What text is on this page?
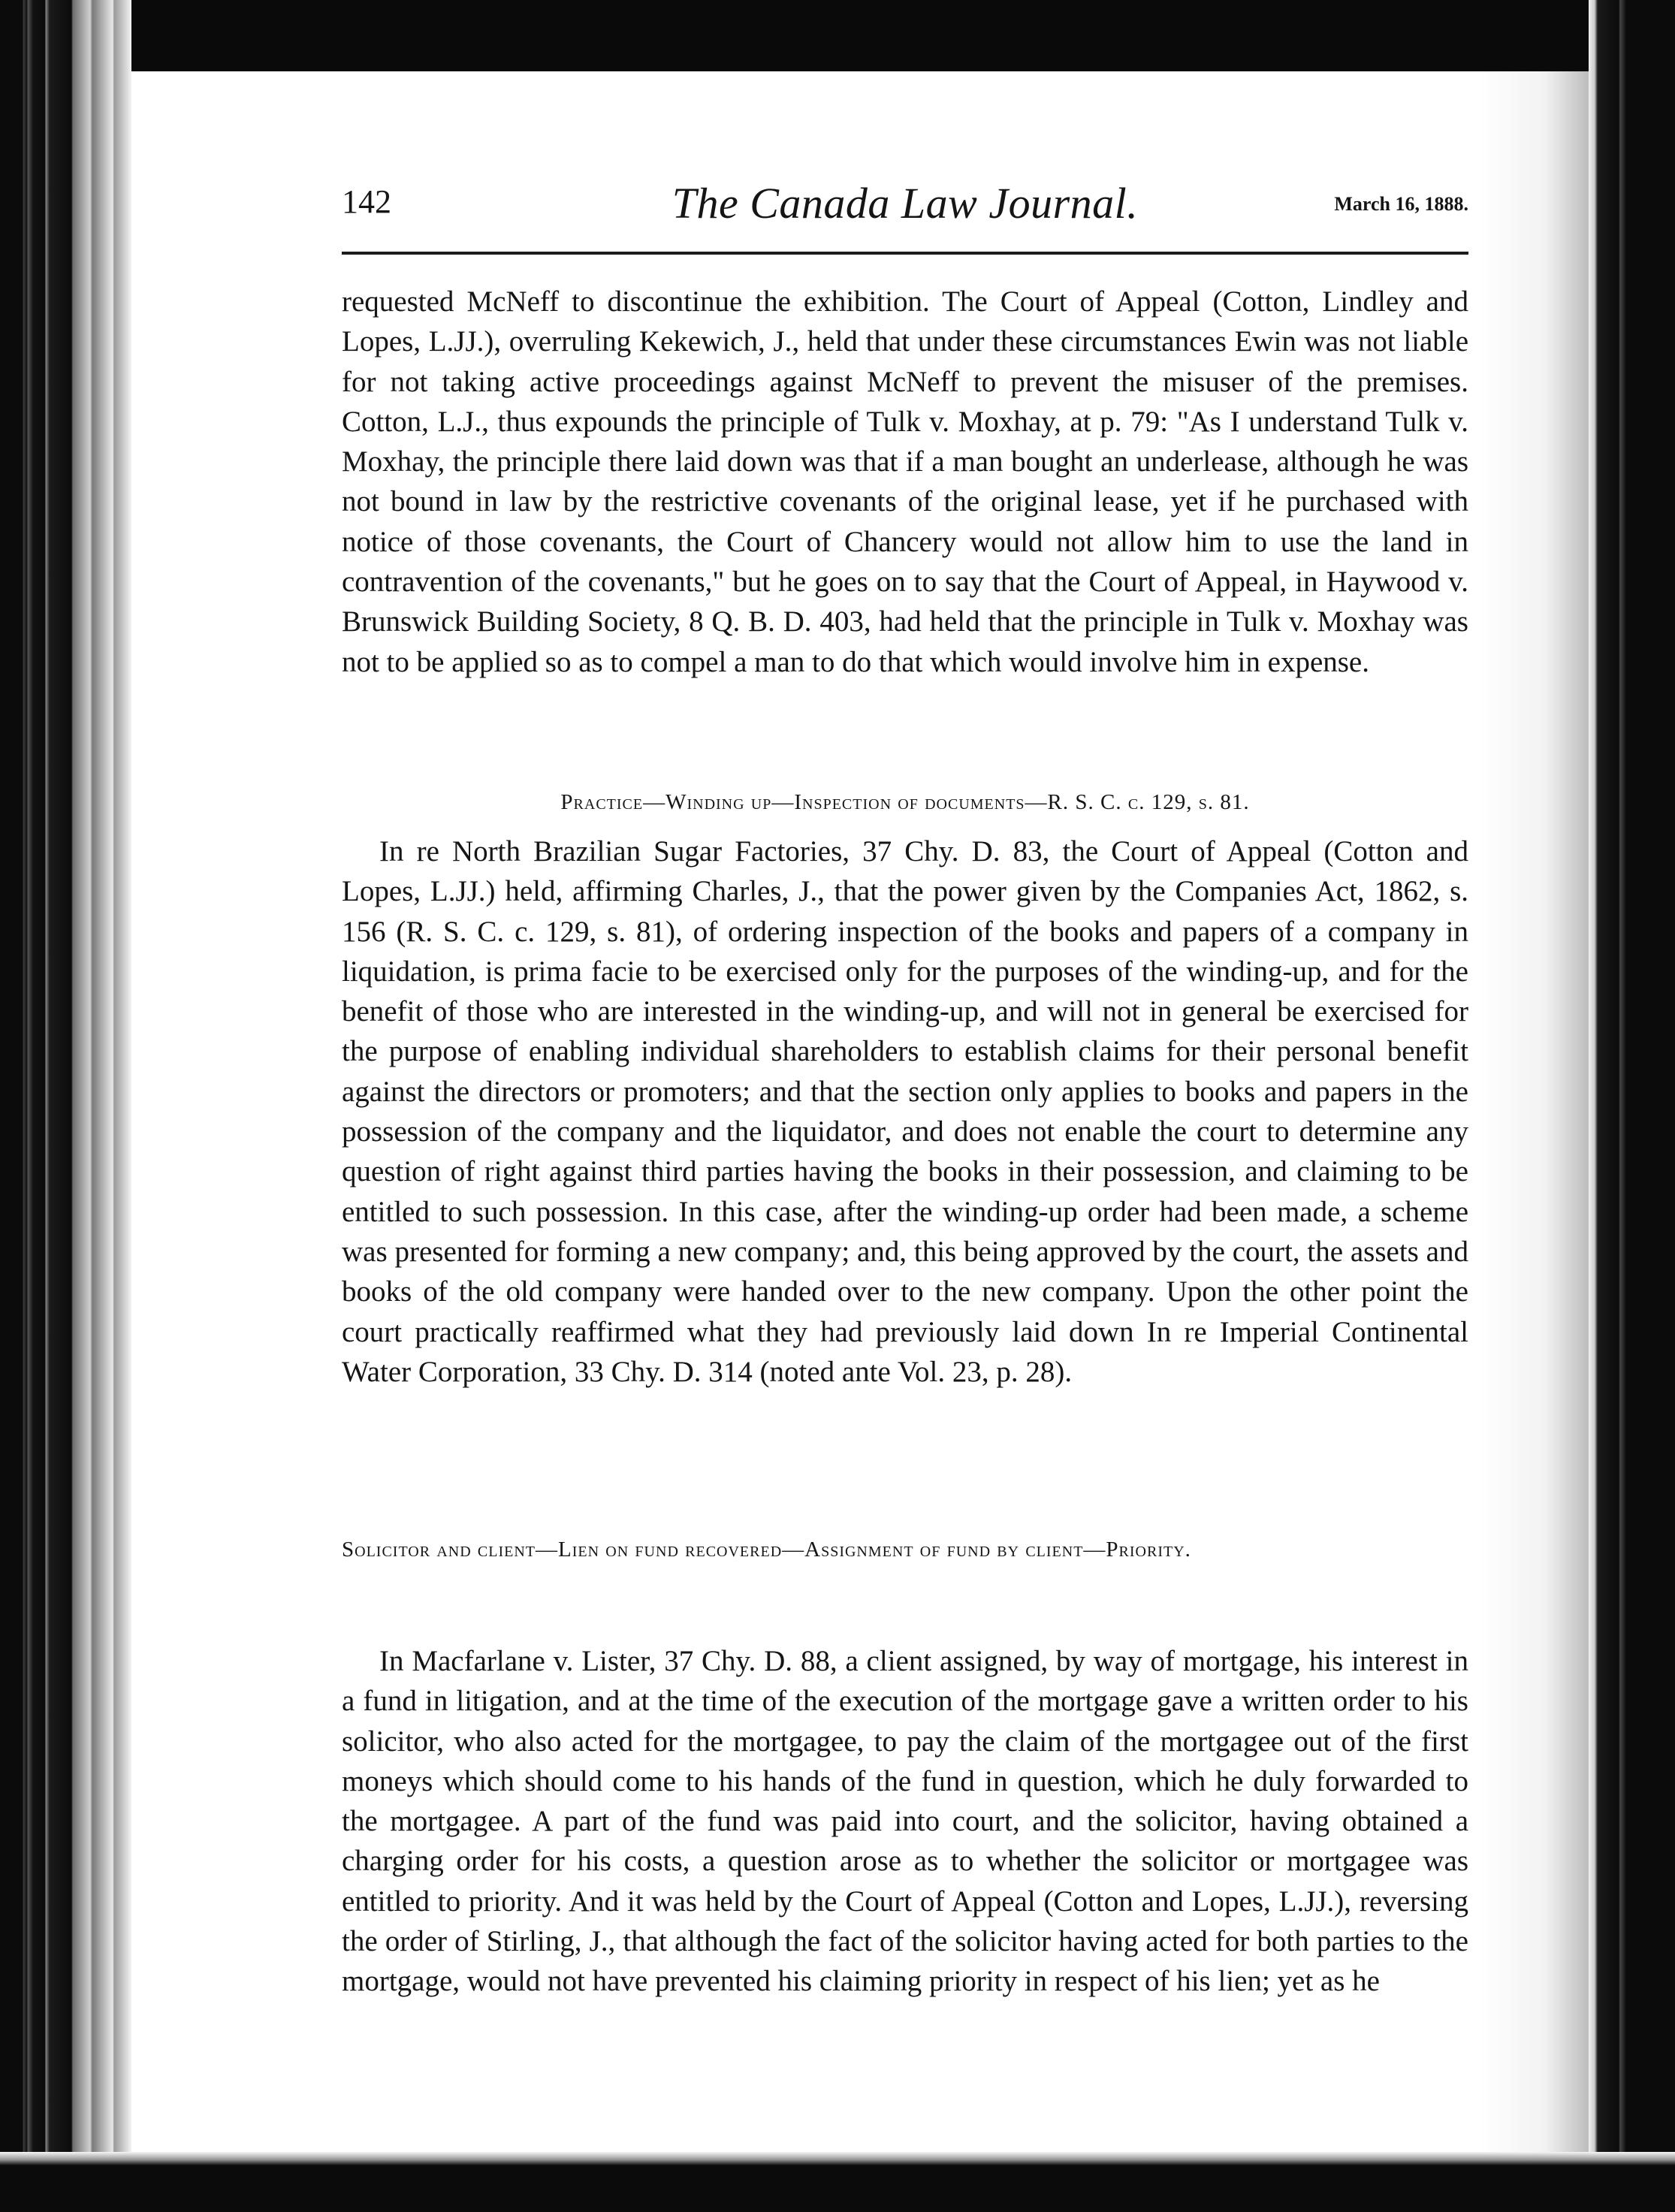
142	The Canada Law Journal.	March 16, 1888.

requested McNeff to discontinue the exhibition. The Court of Appeal (Cotton, Lindley and Lopes, L.JJ.), overruling Kekewich, J., held that under these circumstances Ewin was not liable for not taking active proceedings against McNeff to prevent the misuser of the premises. Cotton, L.J., thus expounds the principle of Tulk v. Moxhay, at p. 79: "As I understand Tulk v. Moxhay, the principle there laid down was that if a man bought an underlease, although he was not bound in law by the restrictive covenants of the original lease, yet if he purchased with notice of those covenants, the Court of Chancery would not allow him to use the land in contravention of the covenants," but he goes on to say that the Court of Appeal, in Haywood v. Brunswick Building Society, 8 Q. B. D. 403, had held that the principle in Tulk v. Moxhay was not to be applied so as to compel a man to do that which would involve him in expense.

Practice—Winding up—Inspection of documents—R. S. C. c. 129, s. 81.

In re North Brazilian Sugar Factories, 37 Chy. D. 83, the Court of Appeal (Cotton and Lopes, L.JJ.) held, affirming Charles, J., that the power given by the Companies Act, 1862, s. 156 (R. S. C. c. 129, s. 81), of ordering inspection of the books and papers of a company in liquidation, is prima facie to be exercised only for the purposes of the winding-up, and for the benefit of those who are interested in the winding-up, and will not in general be exercised for the purpose of enabling individual shareholders to establish claims for their personal benefit against the directors or promoters; and that the section only applies to books and papers in the possession of the company and the liquidator, and does not enable the court to determine any question of right against third parties having the books in their possession, and claiming to be entitled to such possession. In this case, after the winding-up order had been made, a scheme was presented for forming a new company; and, this being approved by the court, the assets and books of the old company were handed over to the new company. Upon the other point the court practically reaffirmed what they had previously laid down In re Imperial Continental Water Corporation, 33 Chy. D. 314 (noted ante Vol. 23, p. 28).

Solicitor and client—Lien on fund recovered—Assignment of fund by client—Priority.

In Macfarlane v. Lister, 37 Chy. D. 88, a client assigned, by way of mortgage, his interest in a fund in litigation, and at the time of the execution of the mortgage gave a written order to his solicitor, who also acted for the mortgagee, to pay the claim of the mortgagee out of the first moneys which should come to his hands of the fund in question, which he duly forwarded to the mortgagee. A part of the fund was paid into court, and the solicitor, having obtained a charging order for his costs, a question arose as to whether the solicitor or mortgagee was entitled to priority. And it was held by the Court of Appeal (Cotton and Lopes, L.JJ.), reversing the order of Stirling, J., that although the fact of the solicitor having acted for both parties to the mortgage, would not have prevented his claiming priority in respect of his lien; yet as he
